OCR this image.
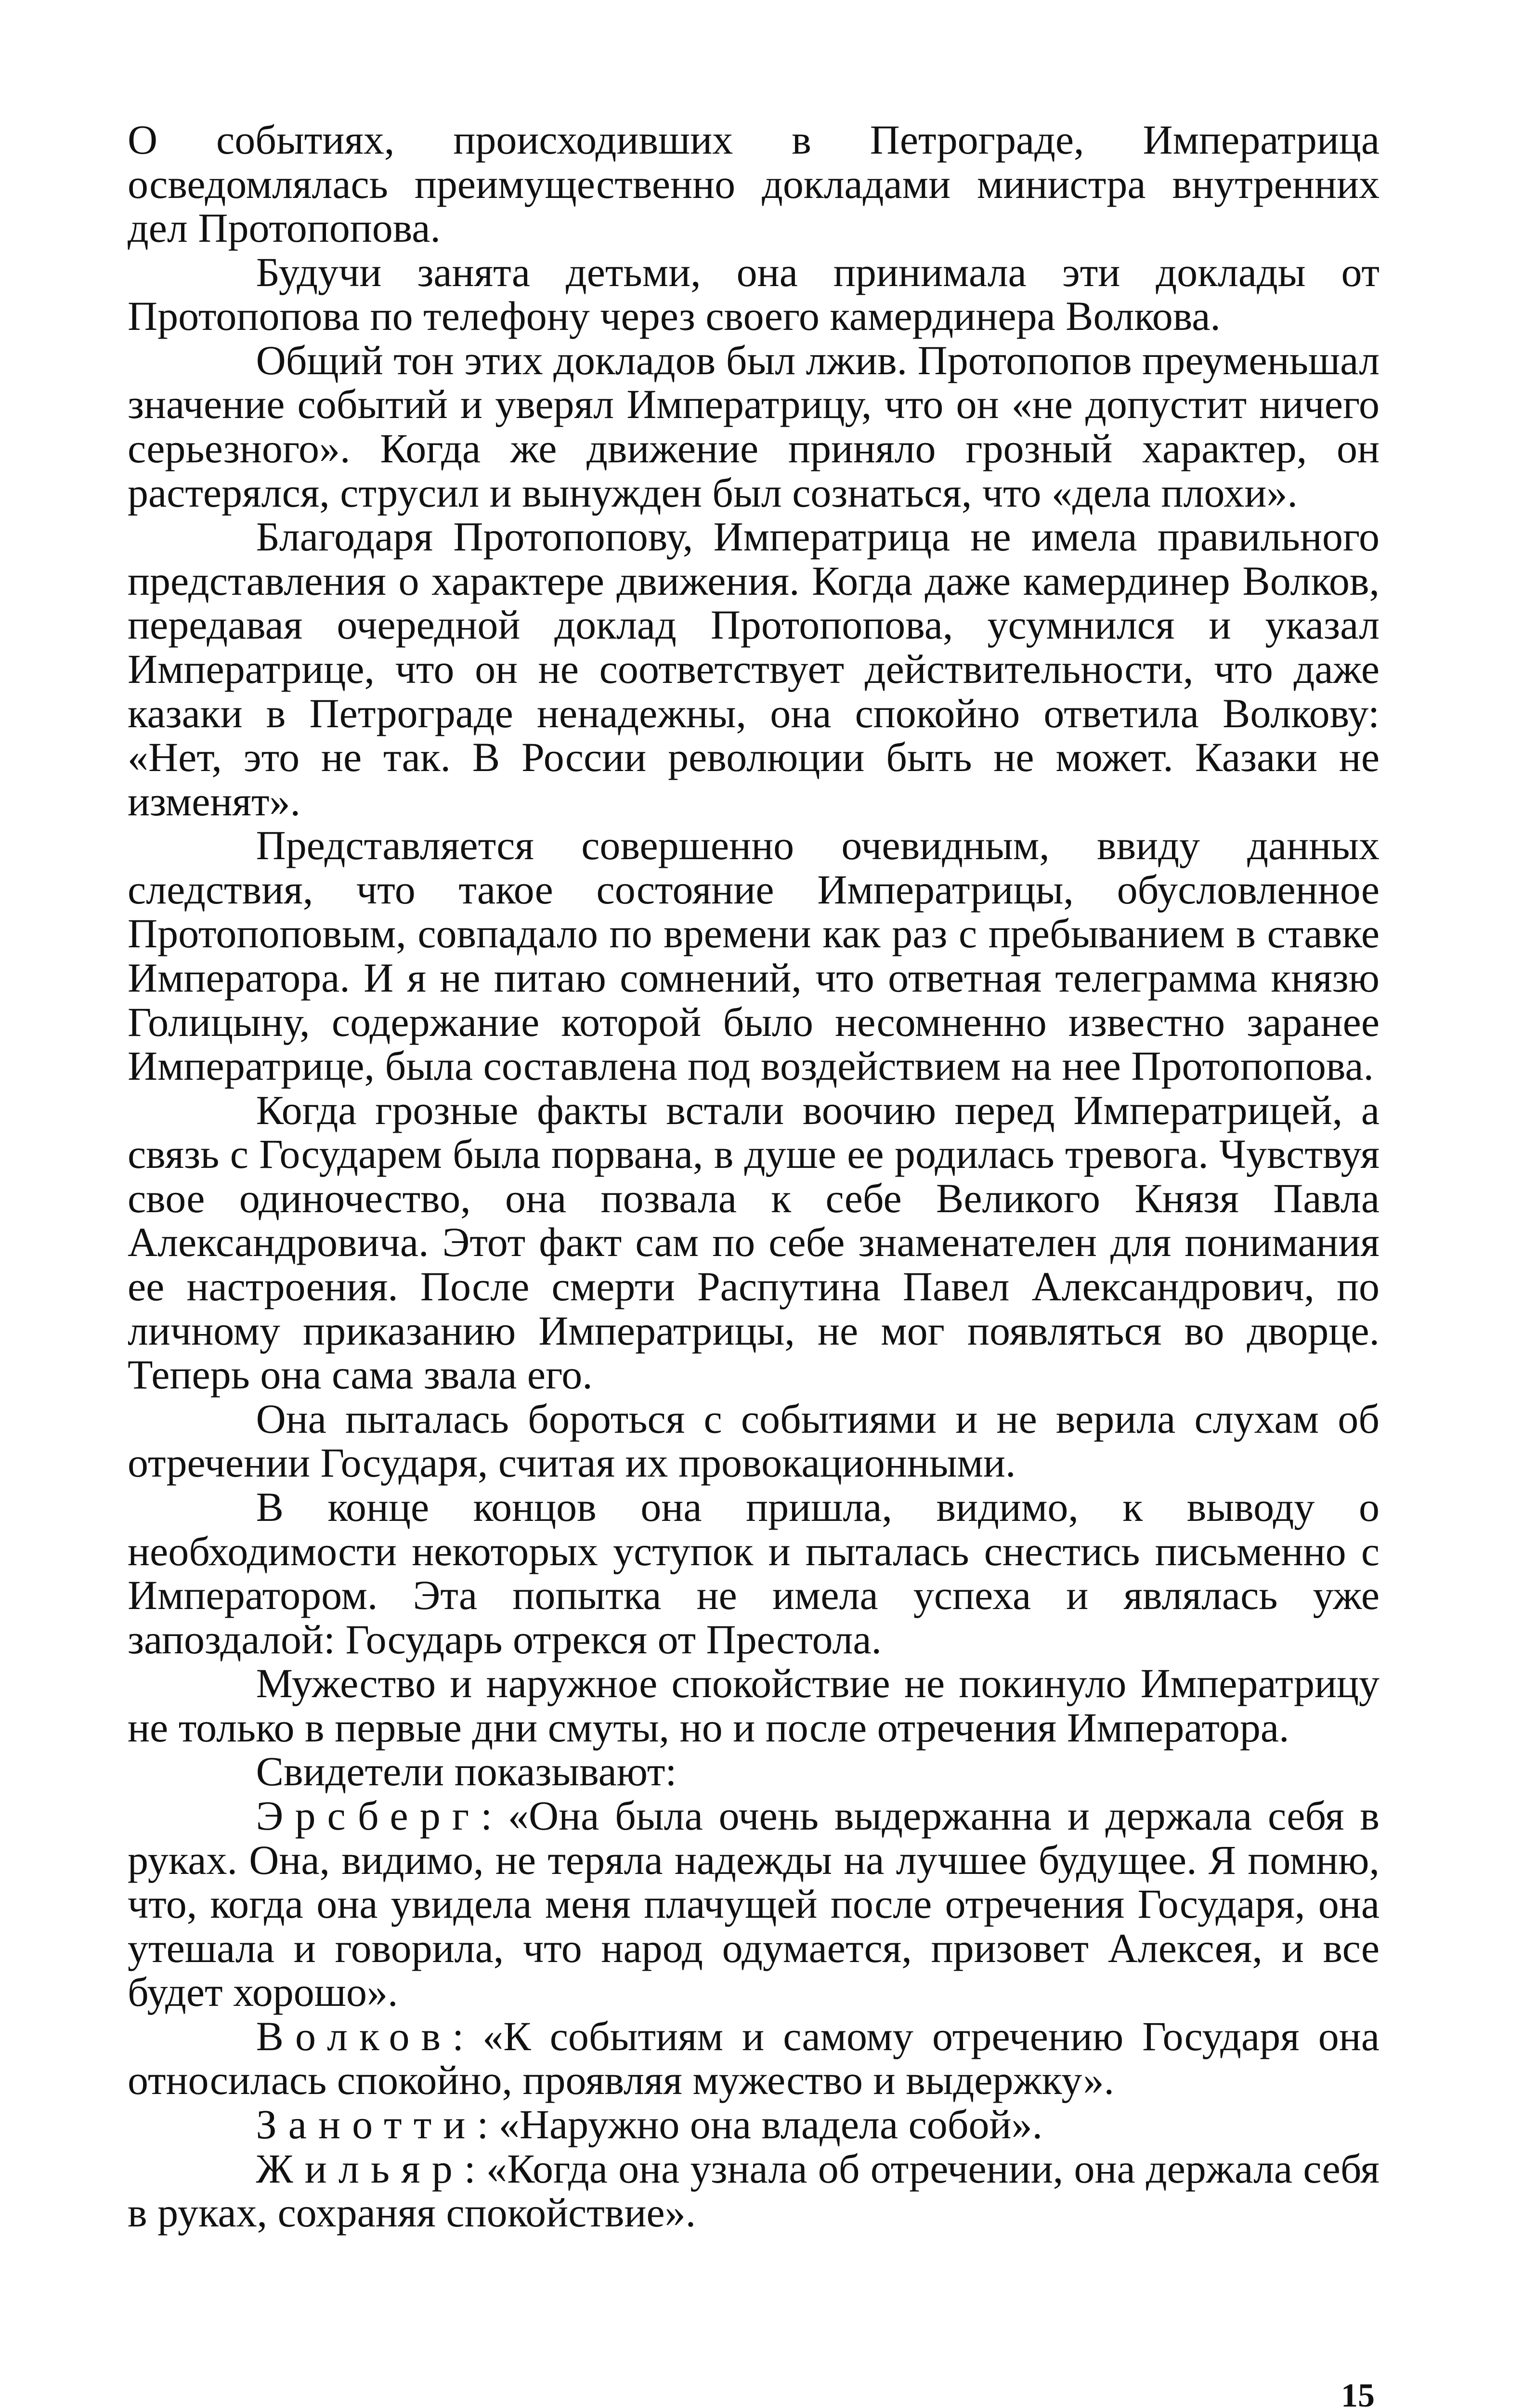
О событиях, происходивших в Петрограде, Императрица осведомлялась преимущественно докладами министра внутренних дел Протопопова.

Будучи занята детьми, она принимала эти доклады от Протопопова по телефону через своего камердинера Волкова.

Общий тон этих докладов был лжив. Протопопов преуменьшал значение событий и уверял Императрицу, что он «не допустит ничего серьезного». Когда же движение приняло грозный характер, он растерялся, струсил и вынужден был сознаться, что «дела плохи».

Благодаря Протопопову, Императрица не имела правильного представления о характере движения. Когда даже камердинер Волков, передавая очередной доклад Протопопова, усумнился и указал Императрице, что он не соответствует действительности, что даже казаки в Петрограде ненадежны, она спокойно ответила Волкову: «Нет, это не так. В России революции быть не может. Казаки не изменят».

Представляется совершенно очевидным, ввиду данных следствия, что такое состояние Императрицы, обусловленное Протопоповым, совпадало по времени как раз с пребыванием в ставке Императора. И я не питаю сомнений, что ответная телеграмма князю Голицыну, содержание которой было несомненно известно заранее Императрице, была составлена под воздействием на нее Протопопова.

Когда грозные факты встали воочию перед Императрицей, а связь с Государем была порвана, в душе ее родилась тревога. Чувствуя свое одиночество, она позвала к себе Великого Князя Павла Александровича. Этот факт сам по себе знаменателен для понимания ее настроения. После смерти Распутина Павел Александрович, по личному приказанию Императрицы, не мог появляться во дворце. Теперь она сама звала его.

Она пыталась бороться с событиями и не верила слухам об отречении Государя, считая их провокационными.

В конце концов она пришла, видимо, к выводу о необходимости некоторых уступок и пыталась снестись письменно с Императором. Эта попытка не имела успеха и являлась уже запоздалой: Государь отрекся от Престола.

Мужество и наружное спокойствие не покинуло Императрицу не только в первые дни смуты, но и после отречения Императора.

Свидетели показывают:

Эрсберг: «Она была очень выдержанна и держала себя в руках. Она, видимо, не теряла надежды на лучшее будущее. Я помню, что, когда она увидела меня плачущей после отречения Государя, она утешала и говорила, что народ одумается, призовет Алексея, и все будет хорошо».

Волков: «К событиям и самому отречению Государя она относилась спокойно, проявляя мужество и выдержку».

Занотти: «Наружно она владела собой».

Жильяр: «Когда она узнала об отречении, она держала себя в руках, сохраняя спокойствие».

15
